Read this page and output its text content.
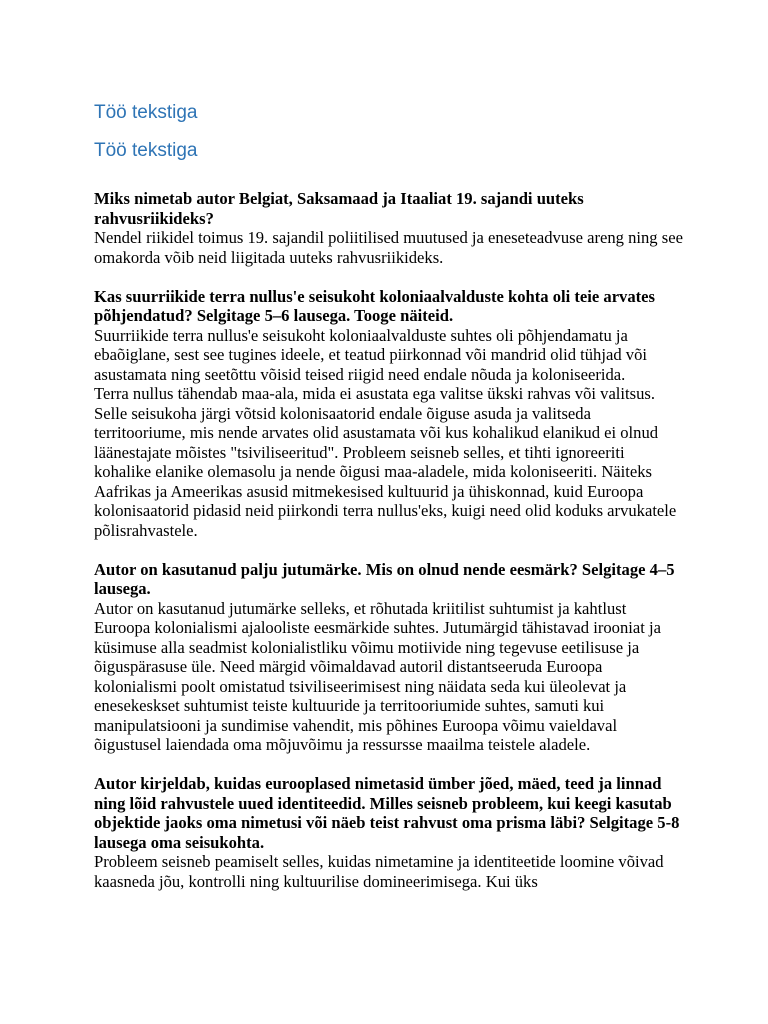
Töö tekstiga
Töö tekstiga

Miks nimetab autor Belgiat, Saksamaad ja Itaaliat 19. sajandi uuteks rahvusriikideks?

Nendel riikidel toimus 19. sajandil poliitilised muutused ja eneseteadvuse areng ning see omakorda võib neid liigitada uuteks rahvusriikideks.

Kas suurriikide terra nullus'e seisukoht koloniaalvalduste kohta oli teie arvates põhjendatud? Selgitage 5–6 lausega. Tooge näiteid.

Suurriikide terra nullus'e seisukoht koloniaalvalduste suhtes oli põhjendamatu ja ebaõiglane, sest see tugines ideele, et teatud piirkonnad või mandrid olid tühjad või asustamata ning seetõttu võisid teised riigid need endale nõuda ja koloniseerida.

Terra nullus tähendab maa-ala, mida ei asustata ega valitse ükski rahvas või valitsus. Selle seisukoha järgi võtsid kolonisaatorid endale õiguse asuda ja valitseda territooriume, mis nende arvates olid asustamata või kus kohalikud elanikud ei olnud läänestajate mõistes "tsiviliseeritud". Probleem seisneb selles, et tihti ignoreeriti kohalike elanike olemasolu ja nende õigusi maa-aladele, mida koloniseeriti. Näiteks Aafrikas ja Ameerikas asusid mitmekesised kultuurid ja ühiskonnad, kuid Euroopa kolonisaatorid pidasid neid piirkondi terra nullus'eks, kuigi need olid koduks arvukatele põlisrahvastele.

Autor on kasutanud palju jutumärke. Mis on olnud nende eesmärk? Selgitage 4–5 lausega.

Autor on kasutanud jutumärke selleks, et rõhutada kriitilist suhtumist ja kahtlust Euroopa kolonialismi ajalooliste eesmärkide suhtes. Jutumärgid tähistavad irooniat ja küsimuse alla seadmist kolonialistliku võimu motiivide ning tegevuse eetilisuse ja õiguspärasuse üle. Need märgid võimaldavad autoril distantseeruda Euroopa kolonialismi poolt omistatud tsiviliseerimisest ning näidata seda kui üleolevat ja enesekeskset suhtumist teiste kultuuride ja territooriumide suhtes, samuti kui manipulatsiooni ja sundimise vahendit, mis põhines Euroopa võimu vaieldaval õigustusel laiendada oma mõjuvõimu ja ressursse maailma teistele aladele.

Autor kirjeldab, kuidas eurooplased nimetasid ümber jõed, mäed, teed ja linnad ning lõid rahvustele uued identiteedid. Milles seisneb probleem, kui keegi kasutab objektide jaoks oma nimetusi või näeb teist rahvust oma prisma läbi? Selgitage 5-8 lausega oma seisukohta.

Probleem seisneb peamiselt selles, kuidas nimetamine ja identiteetide loomine võivad kaasneda jõu, kontrolli ning kultuurilise domineerimisega. Kui üks
